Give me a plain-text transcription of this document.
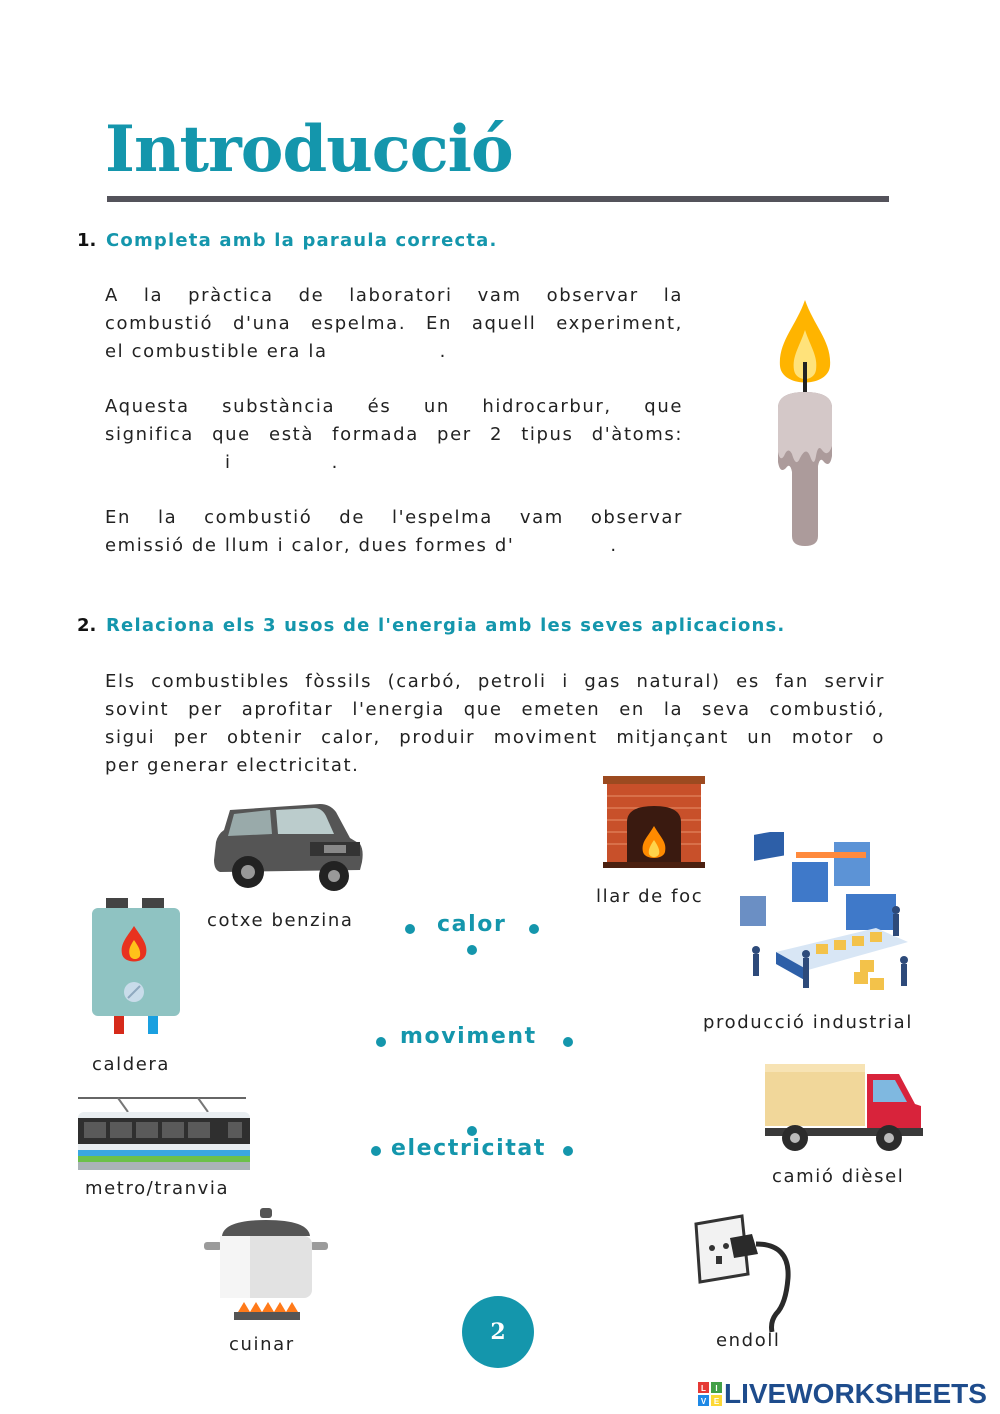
Introducció
1. Completa amb la paraula correcta.
A la pràctica de laboratori vam observar la
combustió d'una espelma. En aquell experiment,
el combustible era la	.
Aquesta substància és un hidrocarbur, que
significa que està formada per 2 tipus d'àtoms:
i	.
En la combustió de l'espelma vam observar
emissió de llum i calor, dues formes d'	.
2. Relaciona els 3 usos de l'energia amb les seves aplicacions.
Els combustibles fòssils (carbó, petroli i gas natural) es fan servir
sovint per aprofitar l'energia que emeten en la seva combustió,
sigui per obtenir calor, produir moviment mitjançant un motor o
per generar electricitat.
cotxe benzina
llar de foc
producció industrial
caldera
metro/tranvia
camió dièsel
cuinar	endoll
calor
moviment
electricitat
2
L I
V E LIVEWORKSHEETS
